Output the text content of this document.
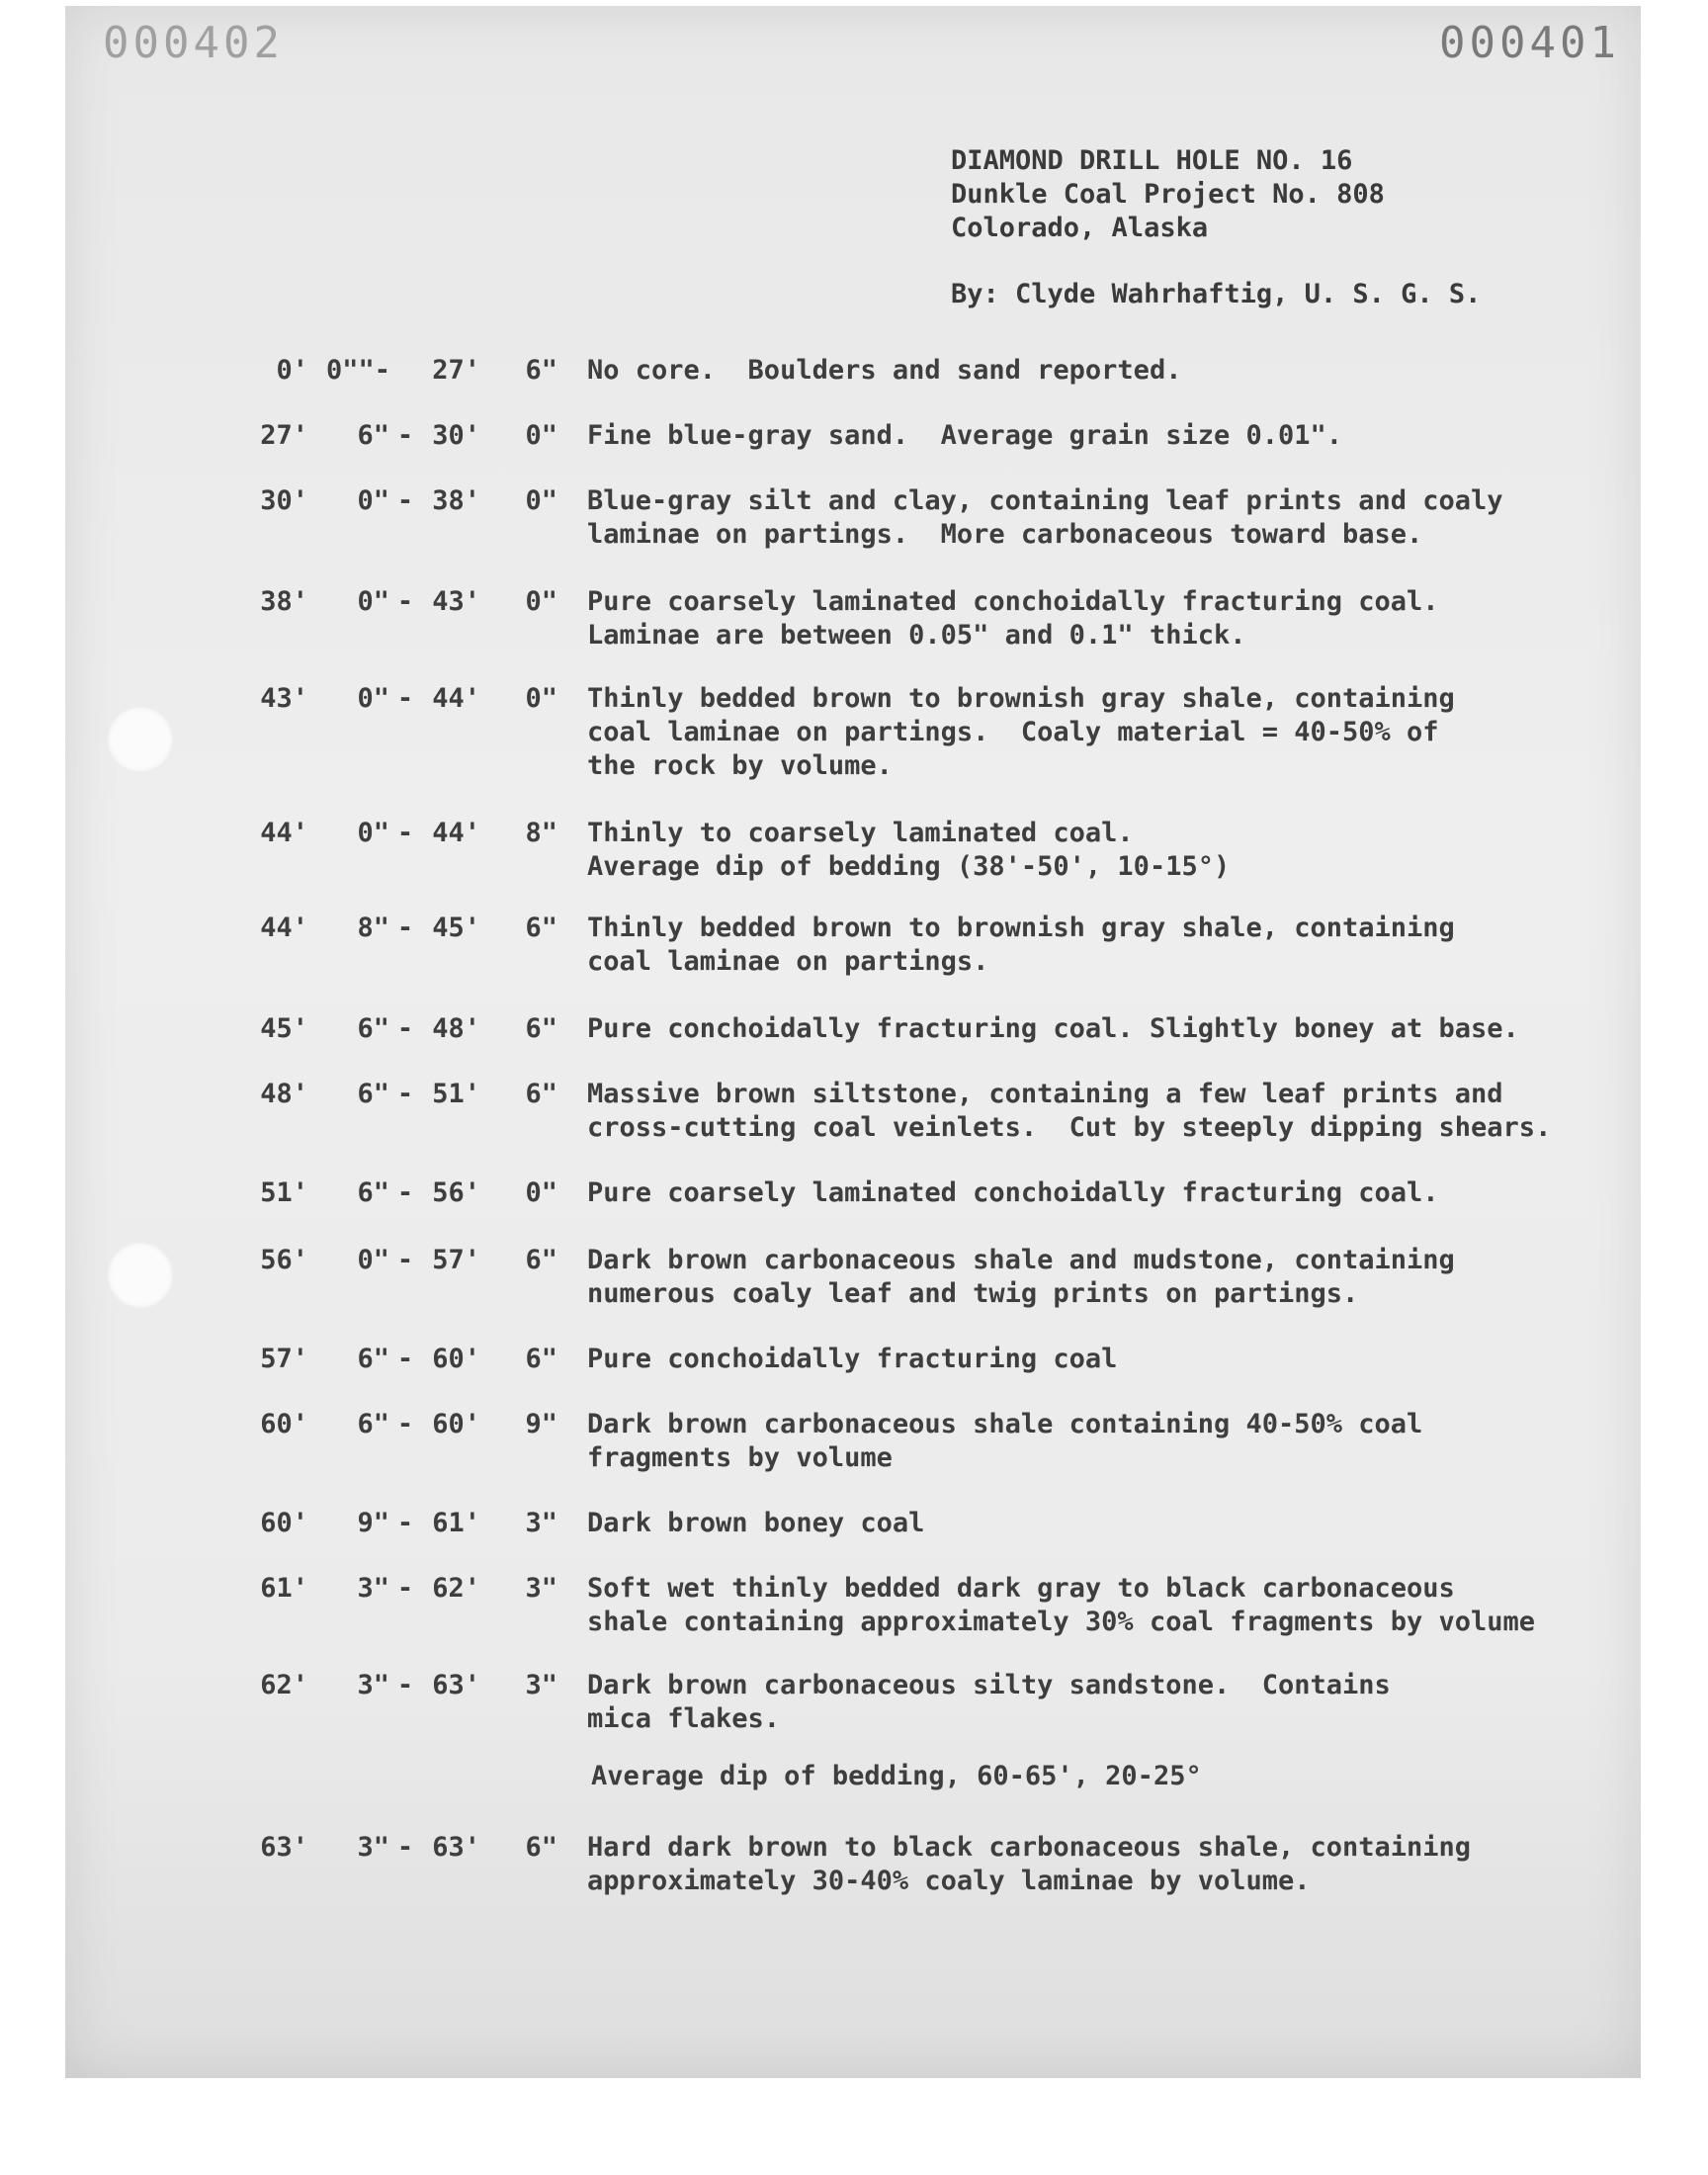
000402	000401
DIAMOND DRILL HOLE NO. 16
Dunkle Coal Project No. 808
Colorado, Alaska
By: Clyde Wahrhaftig, U. S. G. S.
0' 0""- 27' 6" No core.  Boulders and sand reported.
27'	6" - 30' 0" Fine blue-gray sand.  Average grain size 0.01".
30'	0" - 38' 0" Blue-gray silt and clay, containing leaf prints and coaly
laminae on partings.  More carbonaceous toward base.
38'	0" - 43' 0" Pure coarsely laminated conchoidally fracturing coal.
Laminae are between 0.05" and 0.1" thick.
43'	0" - 44' 0" Thinly bedded brown to brownish gray shale, containing
coal laminae on partings.  Coaly material = 40-50% of
the rock by volume.
44'	0" - 44' 8" Thinly to coarsely laminated coal.
Average dip of bedding (38'-50', 10-15°)
44'	8" - 45' 6" Thinly bedded brown to brownish gray shale, containing
coal laminae on partings.
45'	6" - 48' 6" Pure conchoidally fracturing coal. Slightly boney at base.
48'	6" - 51' 6" Massive brown siltstone, containing a few leaf prints and
cross-cutting coal veinlets.  Cut by steeply dipping shears.
51'	6" - 56' 0" Pure coarsely laminated conchoidally fracturing coal.
56'	0" - 57' 6" Dark brown carbonaceous shale and mudstone, containing
numerous coaly leaf and twig prints on partings.
57'	6" - 60' 6" Pure conchoidally fracturing coal
60'	6" - 60' 9" Dark brown carbonaceous shale containing 40-50% coal
fragments by volume
60'	9" - 61' 3" Dark brown boney coal
61'	3" - 62' 3" Soft wet thinly bedded dark gray to black carbonaceous
shale containing approximately 30% coal fragments by volume
62'	3" - 63' 3" Dark brown carbonaceous silty sandstone.  Contains
mica flakes.
63'	3" - 63' 6" Hard dark brown to black carbonaceous shale, containing
approximately 30-40% coaly laminae by volume.
Average dip of bedding, 60-65', 20-25°
